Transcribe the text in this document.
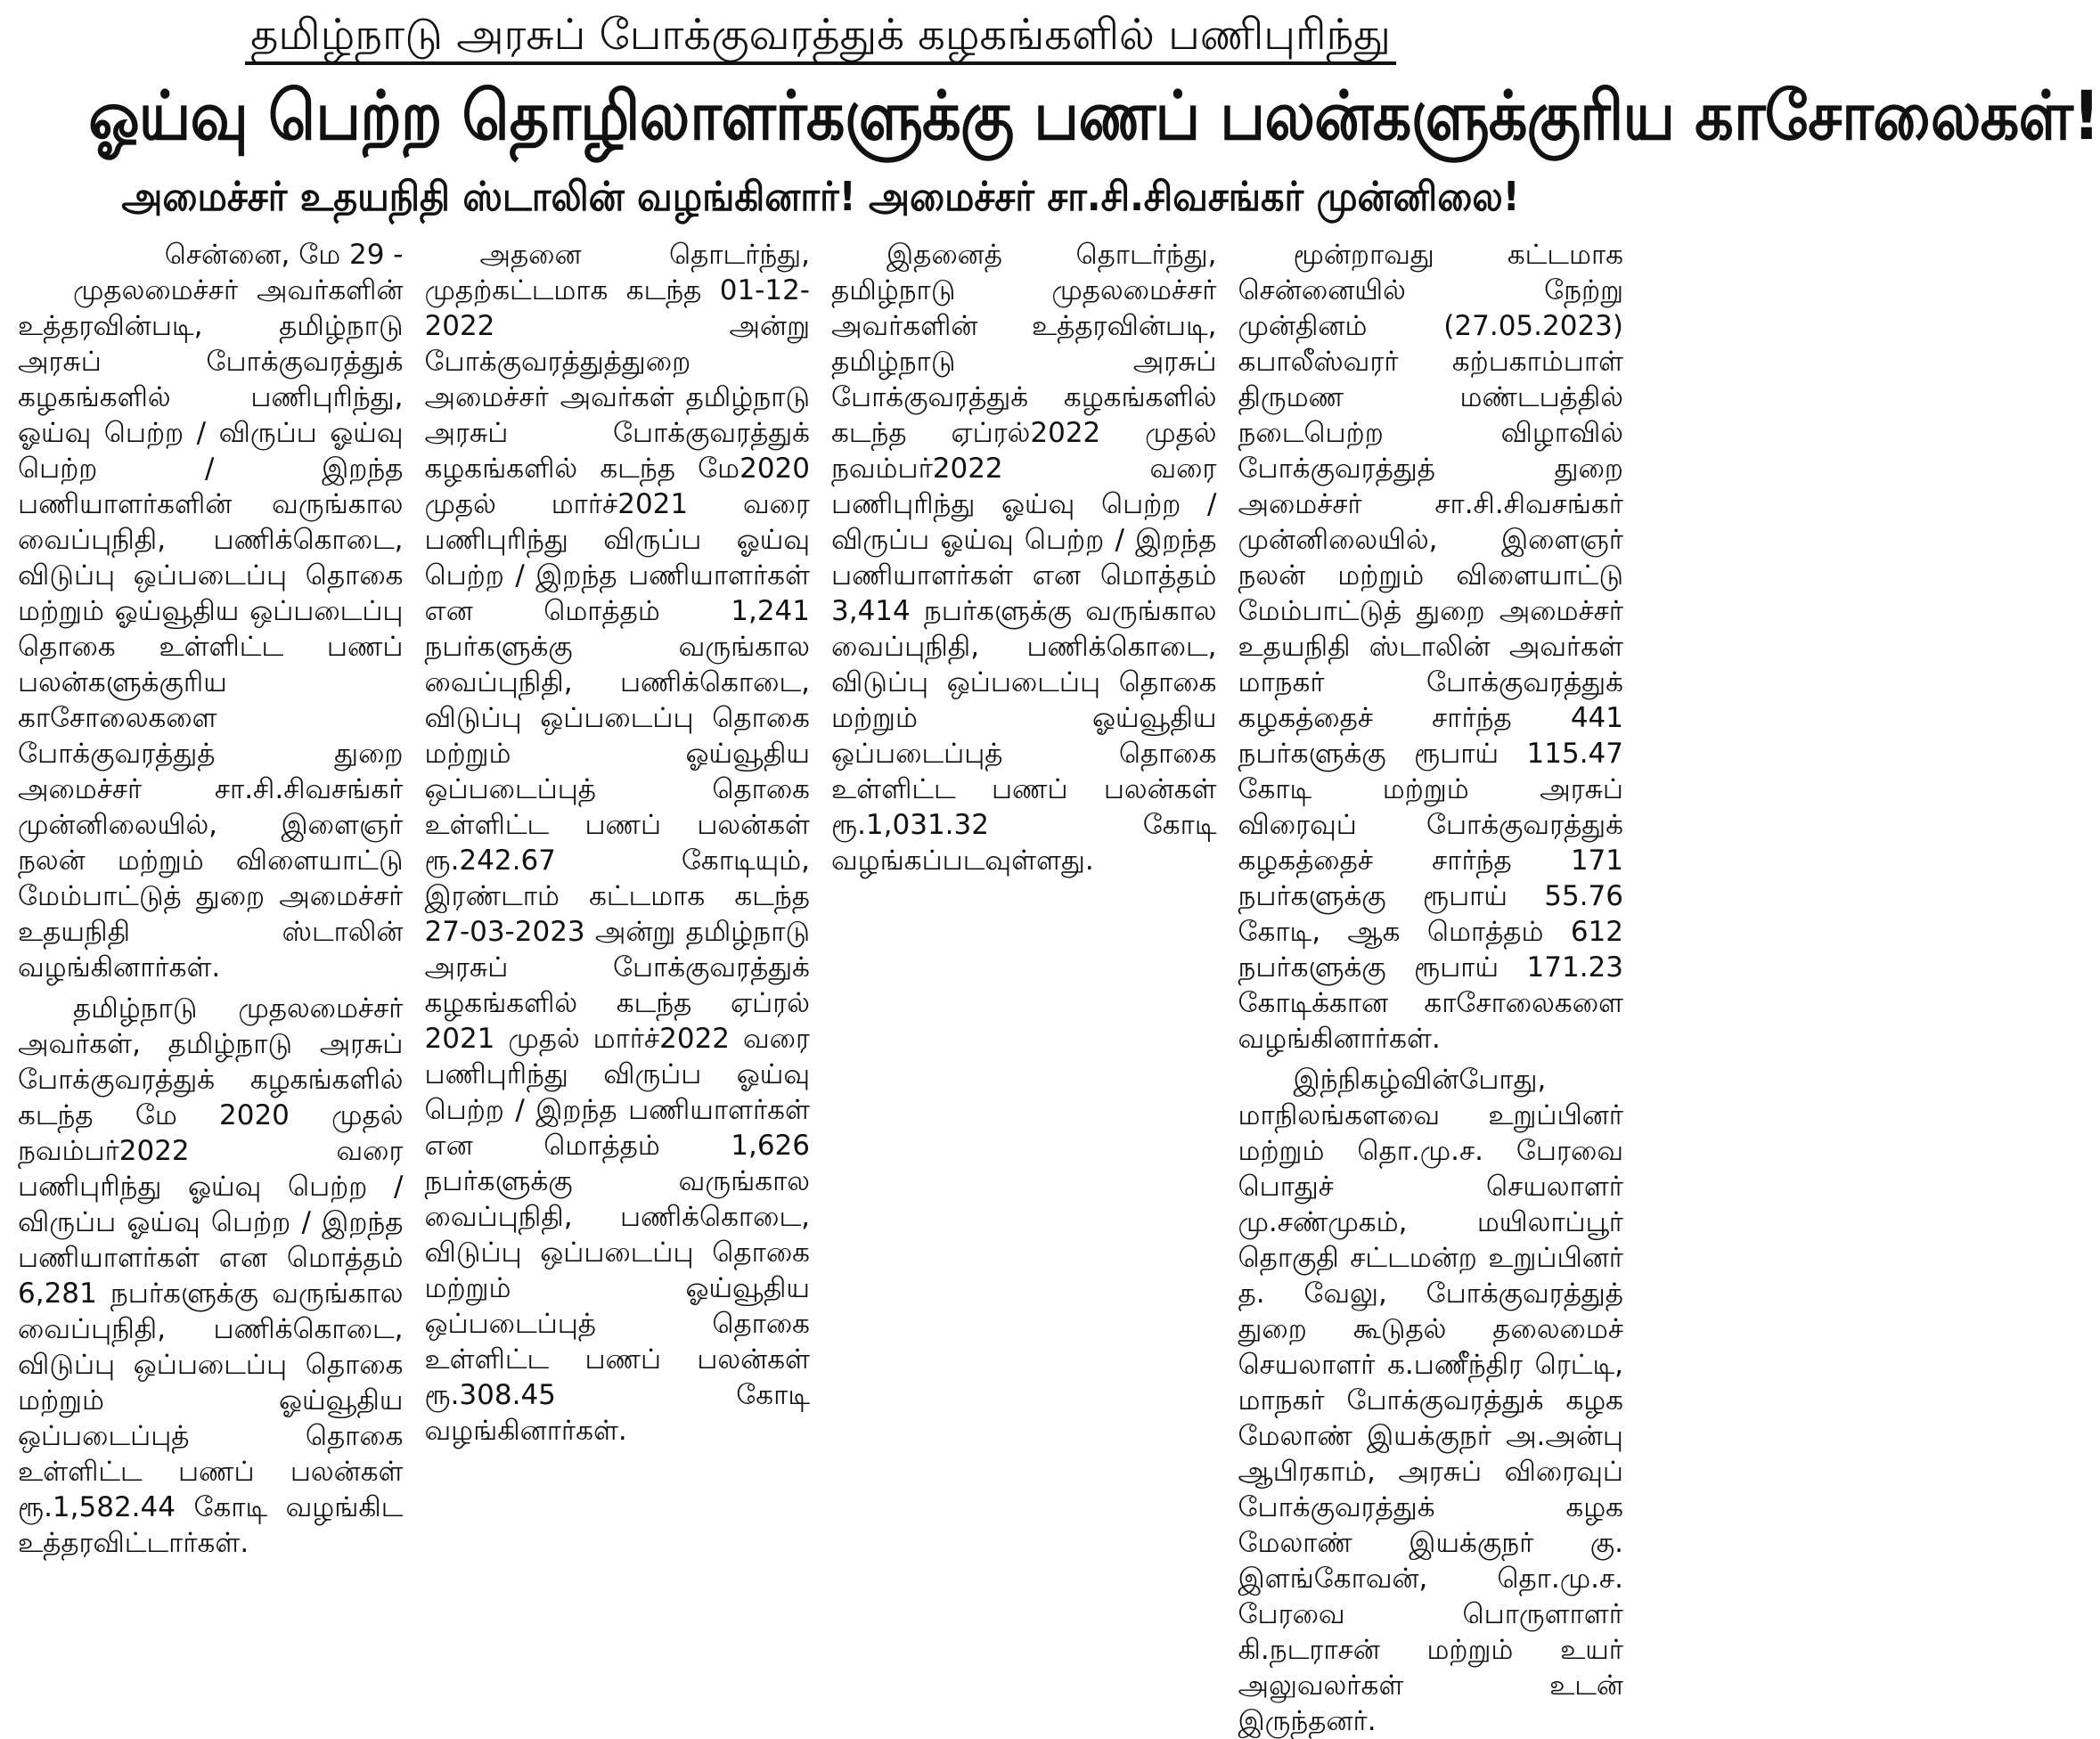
தமிழ்நாடு அரசுப் போக்குவரத்துக் கழகங்களில் பணிபுரிந்து
ஓய்வு பெற்ற தொழிலாளர்களுக்கு பணப் பலன்களுக்குரிய காசோலைகள்!
அமைச்சர் உதயநிதி ஸ்டாலின் வழங்கினார்! அமைச்சர் சா.சி.சிவசங்கர் முன்னிலை!
சென்னை, மே 29 -

முதலமைச்சர் அவர்களின் உத்தரவின்படி, தமிழ்நாடு அரசுப் போக்குவரத்துக் கழகங்களில் பணிபுரிந்து, ஓய்வு பெற்ற / விருப்ப ஓய்வு பெற்ற / இறந்த பணியாளர்களின் வருங்கால வைப்புநிதி, பணிக்கொடை, விடுப்பு ஒப்படைப்பு தொகை மற்றும் ஓய்வூதிய ஒப்படைப்பு தொகை உள்ளிட்ட பணப் பலன்களுக்குரிய காசோலைகளை போக்குவரத்துத் துறை அமைச்சர் சா.சி.சிவசங்கர் முன்னிலையில், இளைஞர் நலன் மற்றும் விளையாட்டு மேம்பாட்டுத் துறை அமைச்சர் உதயநிதி ஸ்டாலின் வழங்கினார்கள்.

தமிழ்நாடு முதலமைச்சர் அவர்கள், தமிழ்நாடு அரசுப் போக்குவரத்துக் கழகங்களில் கடந்த மே 2020 முதல் நவம்பர்2022 வரை பணிபுரிந்து ஓய்வு பெற்ற / விருப்ப ஓய்வு பெற்ற / இறந்த பணியாளர்கள் என மொத்தம் 6,281 நபர்களுக்கு வருங்கால வைப்புநிதி, பணிக்கொடை, விடுப்பு ஒப்படைப்பு தொகை மற்றும் ஓய்வூதிய ஒப்படைப்புத் தொகை உள்ளிட்ட பணப் பலன்கள் ரூ.1,582.44 கோடி வழங்கிட உத்தரவிட்டார்கள்.

அதனை தொடர்ந்து, முதற்கட்டமாக கடந்த 01-12-2022 அன்று போக்குவரத்துத்துறை அமைச்சர் அவர்கள் தமிழ்நாடு அரசுப் போக்குவரத்துக் கழகங்களில் கடந்த மே2020 முதல் மார்ச்2021 வரை பணிபுரிந்து விருப்ப ஓய்வு பெற்ற / இறந்த பணியாளர்கள் என மொத்தம் 1,241 நபர்களுக்கு வருங்கால வைப்புநிதி, பணிக்கொடை, விடுப்பு ஒப்படைப்பு தொகை மற்றும் ஓய்வூதிய ஒப்படைப்புத் தொகை உள்ளிட்ட பணப் பலன்கள் ரூ.242.67 கோடியும், இரண்டாம் கட்டமாக கடந்த 27-03-2023 அன்று தமிழ்நாடு அரசுப் போக்குவரத்துக் கழகங்களில் கடந்த ஏப்ரல் 2021 முதல் மார்ச்2022 வரை பணிபுரிந்து விருப்ப ஓய்வு பெற்ற / இறந்த பணியாளர்கள் என மொத்தம் 1,626 நபர்களுக்கு வருங்கால வைப்புநிதி, பணிக்கொடை, விடுப்பு ஒப்படைப்பு தொகை மற்றும் ஓய்வூதிய ஒப்படைப்புத் தொகை உள்ளிட்ட பணப் பலன்கள் ரூ.308.45 கோடி வழங்கினார்கள்.

இதனைத் தொடர்ந்து, தமிழ்நாடு முதலமைச்சர் அவர்களின் உத்தரவின்படி, தமிழ்நாடு அரசுப் போக்குவரத்துக் கழகங்களில் கடந்த ஏப்ரல்2022 முதல் நவம்பர்2022 வரை பணிபுரிந்து ஓய்வு பெற்ற / விருப்ப ஓய்வு பெற்ற / இறந்த பணியாளர்கள் என மொத்தம் 3,414 நபர்களுக்கு வருங்கால வைப்புநிதி, பணிக்கொடை, விடுப்பு ஒப்படைப்பு தொகை மற்றும் ஓய்வூதிய ஒப்படைப்புத் தொகை உள்ளிட்ட பணப் பலன்கள் ரூ.1,031.32 கோடி வழங்கப்படவுள்ளது.

மூன்றாவது கட்டமாக சென்னையில் நேற்று முன்தினம் (27.05.2023) கபாலீஸ்வரர் கற்பகாம்பாள் திருமண மண்டபத்தில் நடைபெற்ற விழாவில் போக்குவரத்துத் துறை அமைச்சர் சா.சி.சிவசங்கர் முன்னிலையில், இளைஞர் நலன் மற்றும் விளையாட்டு மேம்பாட்டுத் துறை அமைச்சர் உதயநிதி ஸ்டாலின் அவர்கள் மாநகர் போக்குவரத்துக் கழகத்தைச் சார்ந்த 441 நபர்களுக்கு ரூபாய் 115.47 கோடி மற்றும் அரசுப் விரைவுப் போக்குவரத்துக் கழகத்தைச் சார்ந்த 171 நபர்களுக்கு ரூபாய் 55.76 கோடி, ஆக மொத்தம் 612 நபர்களுக்கு ரூபாய் 171.23 கோடிக்கான காசோலைகளை வழங்கினார்கள்.

இந்நிகழ்வின்போது, மாநிலங்களவை உறுப்பினர் மற்றும் தொ.மு.ச. பேரவை பொதுச் செயலாளர் மு.சண்முகம், மயிலாப்பூர் தொகுதி சட்டமன்ற உறுப்பினர் த. வேலு, போக்குவரத்துத் துறை கூடுதல் தலைமைச் செயலாளர் க.பணீந்திர ரெட்டி, மாநகர் போக்குவரத்துக் கழக மேலாண் இயக்குநர் அ.அன்பு ஆபிரகாம், அரசுப் விரைவுப் போக்குவரத்துக் கழக மேலாண் இயக்குநர் கு. இளங்கோவன், தொ.மு.ச. பேரவை பொருளாளர் கி.நடராசன் மற்றும் உயர் அலுவலர்கள் உடன் இருந்தனர்.
